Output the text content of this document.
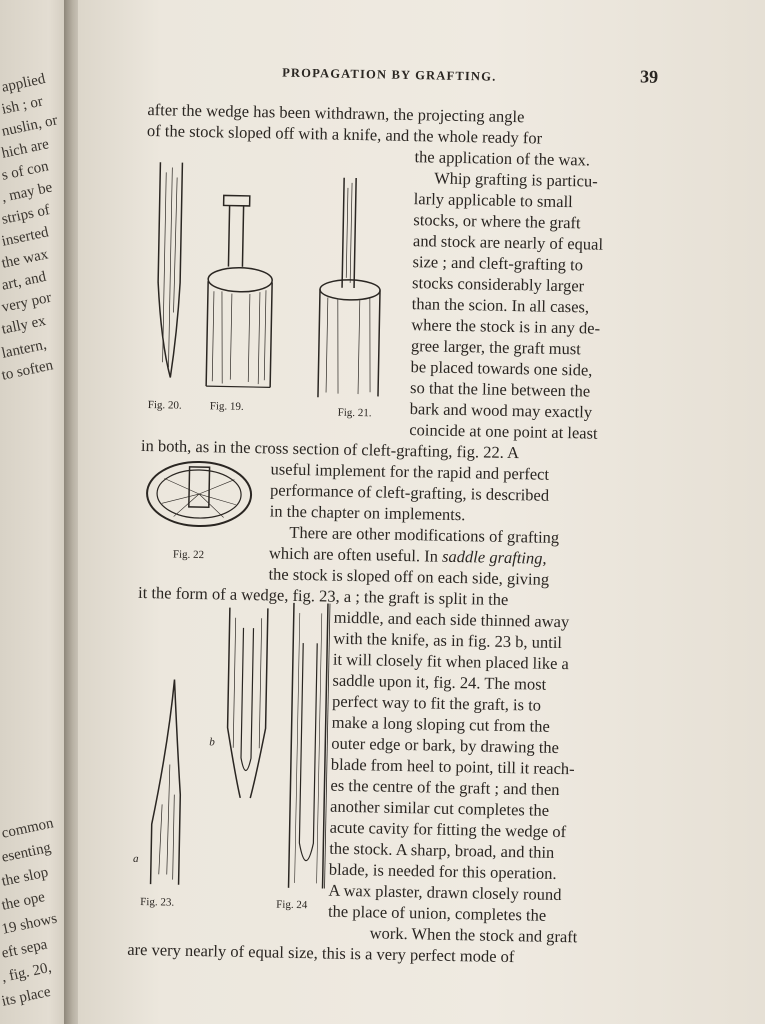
applied
ish ; or
nuslin, or
hich are
s of con
, may be
strips of
inserted
the wax
art, and
very por
tally ex
lantern,
to soften
common
esenting
the slop
the ope
19 shows
eft sepa
, fig. 20,
its place
PROPAGATION BY GRAFTING.	39
after the wedge has been withdrawn, the projecting angle
of the stock sloped off with a knife, and the whole ready for
the application of the wax.
Whip grafting is particu-
larly applicable to small
stocks, or where the graft
and stock are nearly of equal
size ; and cleft-grafting to
stocks considerably larger
than the scion. In all cases,
where the stock is in any de-
gree larger, the graft must
be placed towards one side,
so that the line between the
bark and wood may exactly
coincide at one point at least
in both, as in the cross section of cleft-grafting, fig. 22. A
useful implement for the rapid and perfect
performance of cleft-grafting, is described
in the chapter on implements.
There are other modifications of grafting
which are often useful. In saddle grafting,
the stock is sloped off on each side, giving
it the form of a wedge, fig. 23, a ; the graft is split in the
middle, and each side thinned away
with the knife, as in fig. 23 b, until
it will closely fit when placed like a
saddle upon it, fig. 24. The most
perfect way to fit the graft, is to
make a long sloping cut from the
outer edge or bark, by drawing the
blade from heel to point, till it reach-
es the centre of the graft ; and then
another similar cut completes the
acute cavity for fitting the wedge of
the stock. A sharp, broad, and thin
blade, is needed for this operation.
A wax plaster, drawn closely round
the place of union, completes the
work. When the stock and graft
are very nearly of equal size, this is a very perfect mode of
Fig. 20.	Fig. 19.
Fig. 21.
Fig. 22
a
b
Fig. 23.	Fig. 24
